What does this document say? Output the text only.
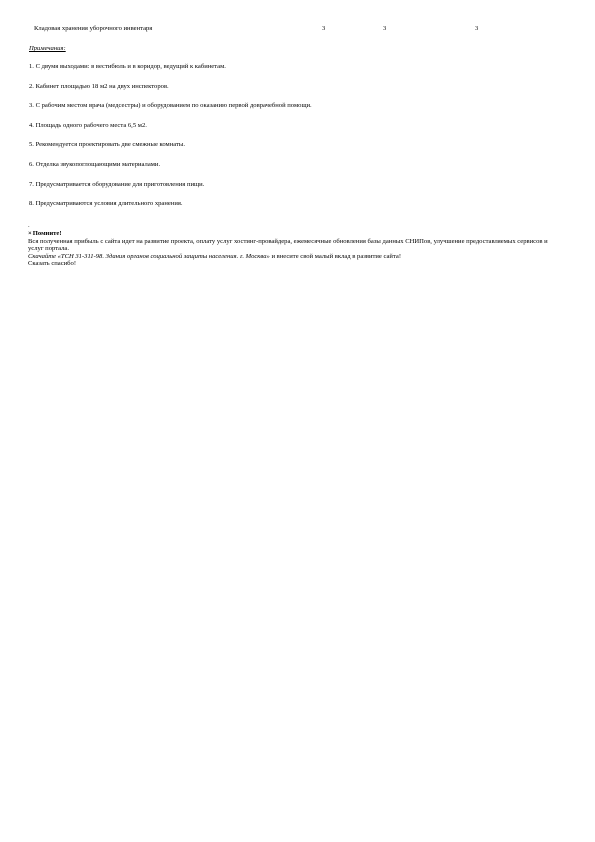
Кладовая хранения уборочного инвентаря	3	3	3
Примечания:
1. С двумя выходами: в вестибюль и в коридор, ведущий к кабинетам.
2. Кабинет площадью 18 м2 на двух инспекторов.
3. С рабочим местом врача (медсестры) и оборудованием по оказанию первой доврачебной помощи.
4. Площадь одного рабочего места 6,5 м2.
5. Рекомендуется проектировать две смежные комнаты.
6. Отделка звукопоглощающими материалами.
7. Предусматривается оборудование для приготовления пищи.
8. Предусматриваются условия длительного хранения.
.
× Помните!

Вся полученная прибыль с сайта идет на развитие проекта, оплату услуг хостинг-провайдера, ежемесячные обновления базы данных СНИПов, улучшение предоставляемых сервисов и услуг портала.

Скачайте «ТСН 31-311-98. Здания органов социальной защиты населения. г. Москва» и внесите свой малый вклад в развитие сайта!

Сказать спасибо!
